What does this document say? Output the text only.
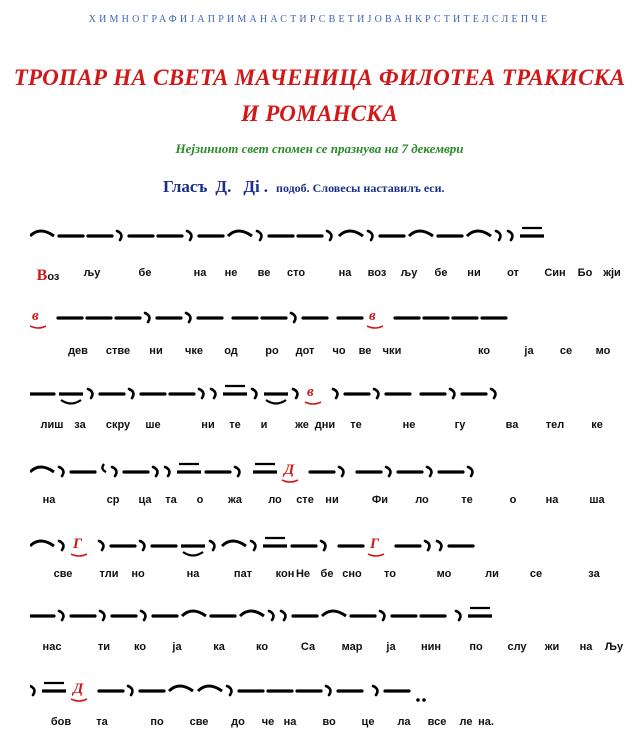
ХИМНОГРАФИЈАПРИМАНАСТИРСВЕТИЈОВАНКРСТИТЕЛСЛЕПЧЕ
ТРОПАР НА СВЕТА МАЧЕНИЦА ФИЛОТЕА ТРАКИСКА
И РОМАНСКА
Нејзиниот свет спомен се празнува на 7 декември
Гласъ Д. Ді . подоб. Словесы наставилъ еси.
Воз љу	бе	на не ве сто	на воз љу бе ни от Син Бо жји
в	в
дев стве ни чке од ро дот чо ве чки	ко	ја се мо
в
лиш за скру ше	ни те и	же дни те	не	гу	ва тел ке
Д
на	ср ца та о жа ло сте ни	Фи ло	те	о	на	ша
Г	Г
све тли но	на	пат кон Не бе сно то	мо	ли	се	за
нас	ти ко ја	ка	ко	Са мар ја нин	по слу жи на Љу
Д
бов та	по све до че на во це ла все ле на.
